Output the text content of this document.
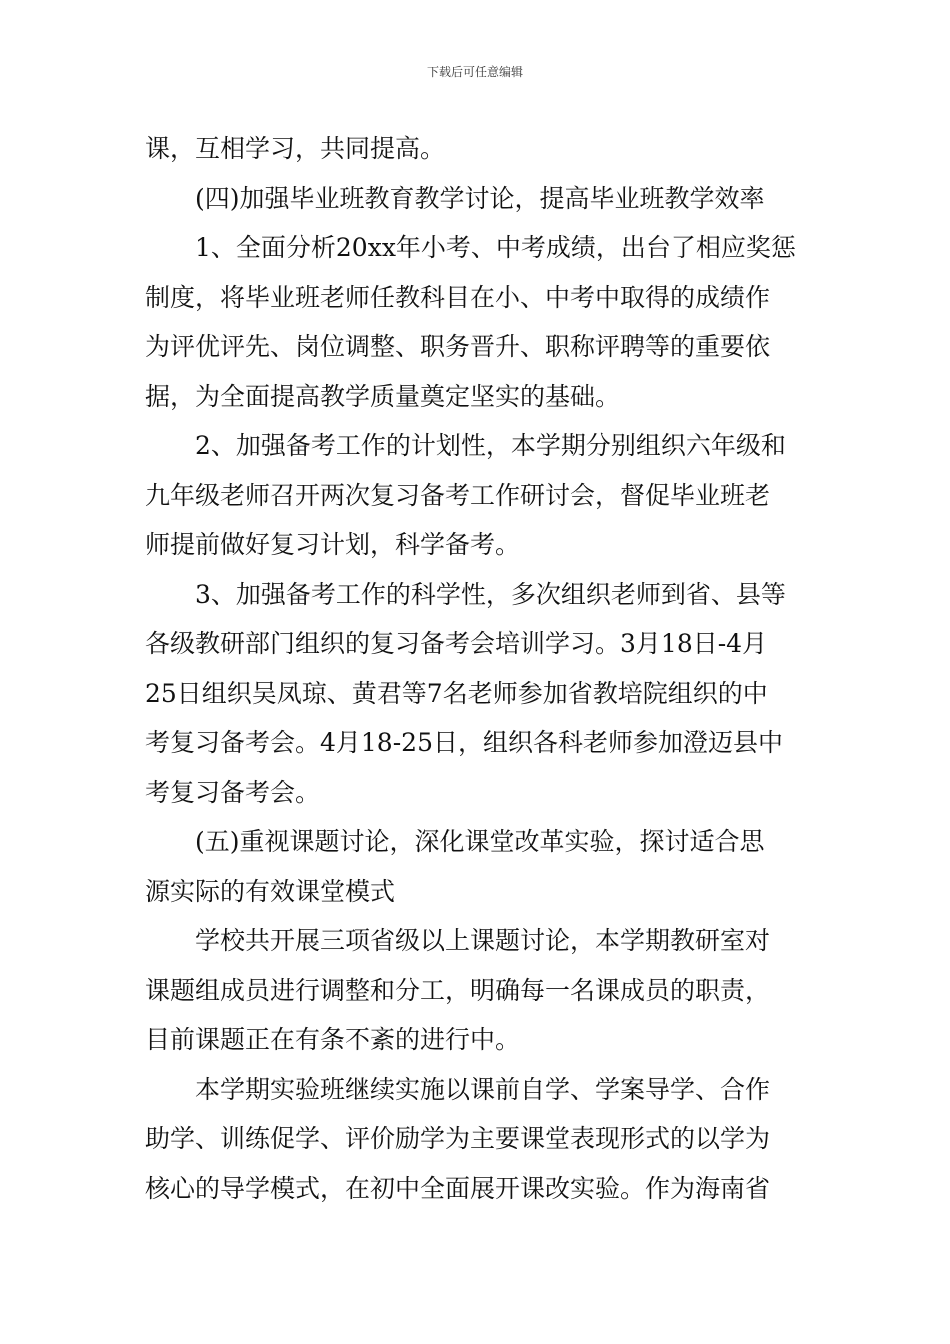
下载后可任意编辑
课，互相学习，共同提高。
(四)加强毕业班教育教学讨论，提高毕业班教学效率
1、全面分析20xx年小考、中考成绩，出台了相应奖惩
制度，将毕业班老师任教科目在小、中考中取得的成绩作
为评优评先、岗位调整、职务晋升、职称评聘等的重要依
据，为全面提高教学质量奠定坚实的基础。
2、加强备考工作的计划性，本学期分别组织六年级和
九年级老师召开两次复习备考工作研讨会，督促毕业班老
师提前做好复习计划，科学备考。
3、加强备考工作的科学性，多次组织老师到省、县等
各级教研部门组织的复习备考会培训学习。3月18日-4月
25日组织吴凤琼、黄君等7名老师参加省教培院组织的中
考复习备考会。4月18-25日，组织各科老师参加澄迈县中
考复习备考会。
(五)重视课题讨论，深化课堂改革实验，探讨适合思
源实际的有效课堂模式
学校共开展三项省级以上课题讨论，本学期教研室对
课题组成员进行调整和分工，明确每一名课成员的职责，
目前课题正在有条不紊的进行中。
本学期实验班继续实施以课前自学、学案导学、合作
助学、训练促学、评价励学为主要课堂表现形式的以学为
核心的导学模式，在初中全面展开课改实验。作为海南省
